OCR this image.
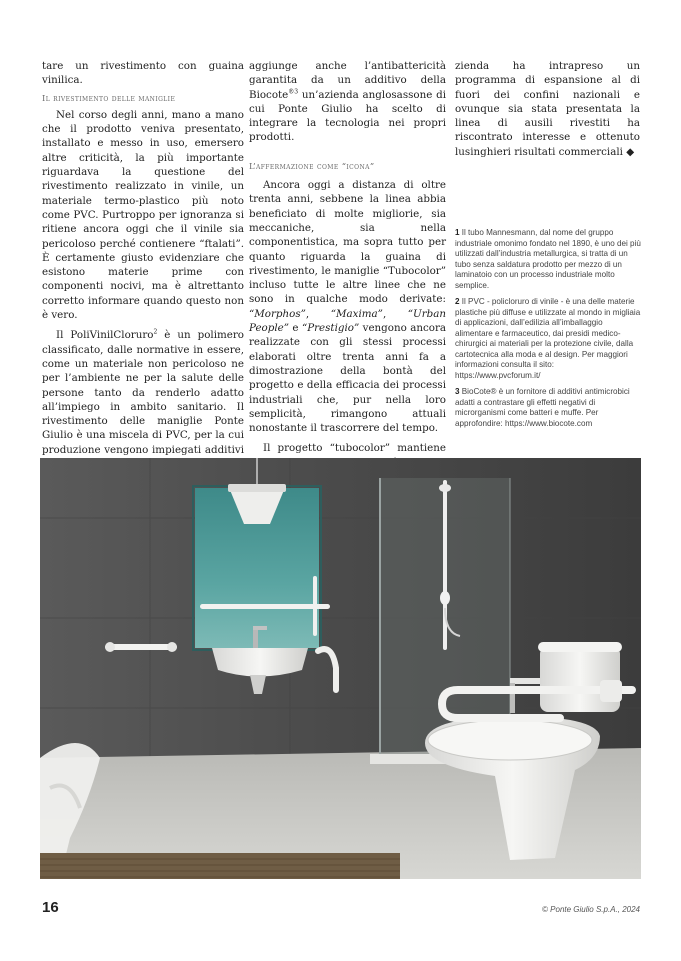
tare un rivestimento con guaina vinilica.

Il rivestimento delle maniglie

Nel corso degli anni, mano a mano che il prodotto veniva presentato, installato e messo in uso, emersero altre criticità, la più importante riguardava la questione del rivestimento realizzato in vinile, un materiale termo-plastico più noto come PVC. Purtroppo per ignoranza si ritiene ancora oggi che il vinile sia pericoloso perché contienere “ftalati”. È certamente giusto evidenziare che esistono materie prime con componenti nocivi, ma è altrettanto corretto informare quando questo non è vero.

Il PoliVinilCloruro$^2$ è un polimero classificato, dalle normative in essere, come un materiale non pericoloso ne per l’ambiente ne per la salute delle persone tanto da renderlo adatto all’impiego in ambito sanitario. Il rivestimento delle maniglie Ponte Giulio è una miscela di PVC, per la cui produzione vengono impiegati additivi

aggiunge anche l’antibattericità garantita da un additivo della Biocote$^{®3}$ un’azienda anglosassone di cui Ponte Giulio ha scelto di integrare la tecnologia nei propri prodotti.

L’affermazione come “icona”

Ancora oggi a distanza di oltre trenta anni, sebbene la linea abbia beneficiato di molte migliorie, sia meccaniche, sia nella componentistica, ma sopra tutto per quanto riguarda la guaina di rivestimento, le maniglie “Tubocolor” incluso tutte le altre linee che ne sono in qualche modo derivate: “Morphos”, “Maxima”, “Urban People” e “Prestigio” vengono ancora realizzate con gli stessi processi elaborati oltre trenta anni fa a dimostrazione della bontà del progetto e della efficacia dei processi industriali che, pur nella loro semplicità, rimangono attuali nonostante il trascorrere del tempo.

Il progetto “tubocolor” mantiene

zienda ha intrapreso un programma di espansione al di fuori dei confini nazionali e ovunque sia stata presentata la linea di ausili rivestiti ha riscontrato interesse e ottenuto lusinghieri risultati commerciali ◆

1 Il tubo Mannesmann, dal nome del gruppo industriale omonimo fondato nel 1890, è uno dei più utilizzati dall’industria metallurgica, si tratta di un tubo senza saldatura prodotto per mezzo di un laminatoio con un processo industriale molto semplice.
2 Il PVC - policloruro di vinile - è una delle materie plastiche più diffuse e utilizzate al mondo in migliaia di applicazioni, dall’edilizia all’imballaggio alimentare e farmaceutico, dai presidi medico-chirurgici ai materiali per la protezione civile, dalla cartotecnica alla moda e al design. Per maggiori informazioni consulta il sito: https://www.pvcforum.it/
3 BioCote® è un fornitore di additivi antimicrobici adatti a contrastare gli effetti negativi di microrganismi come batteri e muffe. Per approfondire: https://www.biocote.com
16	© Ponte Giulio S.p.A., 2024
